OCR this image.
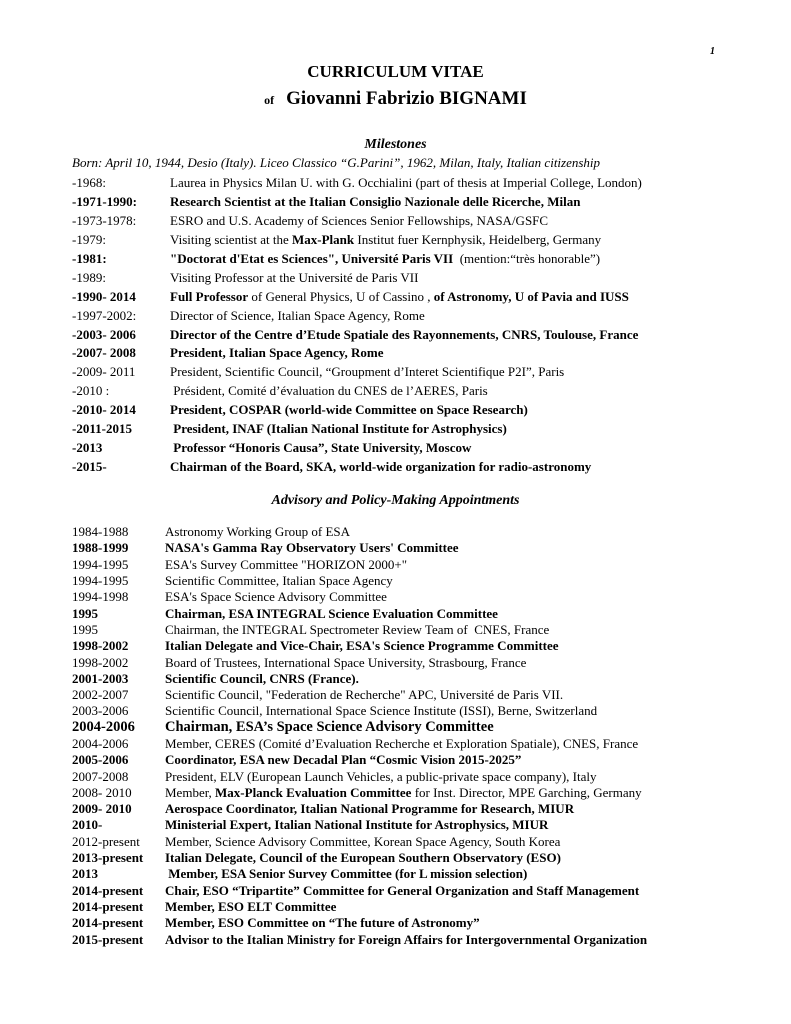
1
CURRICULUM VITAE
of Giovanni Fabrizio BIGNAMI
Milestones
Born: April 10, 1944, Desio (Italy). Liceo Classico “G.Parini”, 1962, Milan, Italy, Italian citizenship
-1968:	Laurea in Physics Milan U. with G. Occhialini (part of thesis at Imperial College, London)
-1971-1990:	Research Scientist at the Italian Consiglio Nazionale delle Ricerche, Milan
-1973-1978:	ESRO and U.S. Academy of Sciences Senior Fellowships, NASA/GSFC
-1979:	Visiting scientist at the Max-Plank Institut fuer Kernphysik, Heidelberg, Germany
-1981:	"Doctorat d'Etat es Sciences", Université Paris VII  (mention:“très honorable”)
-1989:	Visiting Professor at the Université de Paris VII
-1990- 2014	Full Professor of General Physics, U of Cassino , of Astronomy, U of Pavia and IUSS
-1997-2002:	Director of Science, Italian Space Agency, Rome
-2003- 2006	Director of the Centre d’Etude Spatiale des Rayonnements, CNRS, Toulouse, France
-2007- 2008	President, Italian Space Agency, Rome
-2009- 2011	President, Scientific Council, “Groupment d’Interet Scientifique P2I”, Paris
-2010 :	Président, Comité d’évaluation du CNES de l’AERES, Paris
-2010- 2014	President, COSPAR (world-wide Committee on Space Research)
-2011-2015	President, INAF (Italian National Institute for Astrophysics)
-2013	Professor “Honoris Causa”, State University, Moscow
-2015-	Chairman of the Board, SKA, world-wide organization for radio-astronomy
Advisory and Policy-Making Appointments
1984-1988	Astronomy Working Group of ESA
1988-1999	NASA's Gamma Ray Observatory Users' Committee
1994-1995	ESA's Survey Committee "HORIZON 2000+"
1994-1995	Scientific Committee, Italian Space Agency
1994-1998	ESA's Space Science Advisory Committee
1995	Chairman, ESA INTEGRAL Science Evaluation Committee
1995	Chairman, the INTEGRAL Spectrometer Review Team of  CNES, France
1998-2002	Italian Delegate and Vice-Chair, ESA's Science Programme Committee
1998-2002	Board of Trustees, International Space University, Strasbourg, France
2001-2003	Scientific Council, CNRS (France).
2002-2007	Scientific Council, "Federation de Recherche" APC, Université de Paris VII.
2003-2006	Scientific Council, International Space Science Institute (ISSI), Berne, Switzerland
2004-2006	Chairman, ESA’s Space Science Advisory Committee
2004-2006	Member, CERES (Comité d’Evaluation Recherche et Exploration Spatiale), CNES, France
2005-2006	Coordinator, ESA new Decadal Plan “Cosmic Vision 2015-2025”
2007-2008	President, ELV (European Launch Vehicles, a public-private space company), Italy
2008- 2010	Member, Max-Planck Evaluation Committee for Inst. Director, MPE Garching, Germany
2009- 2010	Aerospace Coordinator, Italian National Programme for Research, MIUR
2010-	Ministerial Expert, Italian National Institute for Astrophysics, MIUR
2012-present	Member, Science Advisory Committee, Korean Space Agency, South Korea
2013-present	Italian Delegate, Council of the European Southern Observatory (ESO)
2013	Member, ESA Senior Survey Committee (for L mission selection)
2014-present	Chair, ESO “Tripartite” Committee for General Organization and Staff Management
2014-present	Member, ESO ELT Committee
2014-present	Member, ESO Committee on “The future of Astronomy”
2015-present	Advisor to the Italian Ministry for Foreign Affairs for Intergovernmental Organization
